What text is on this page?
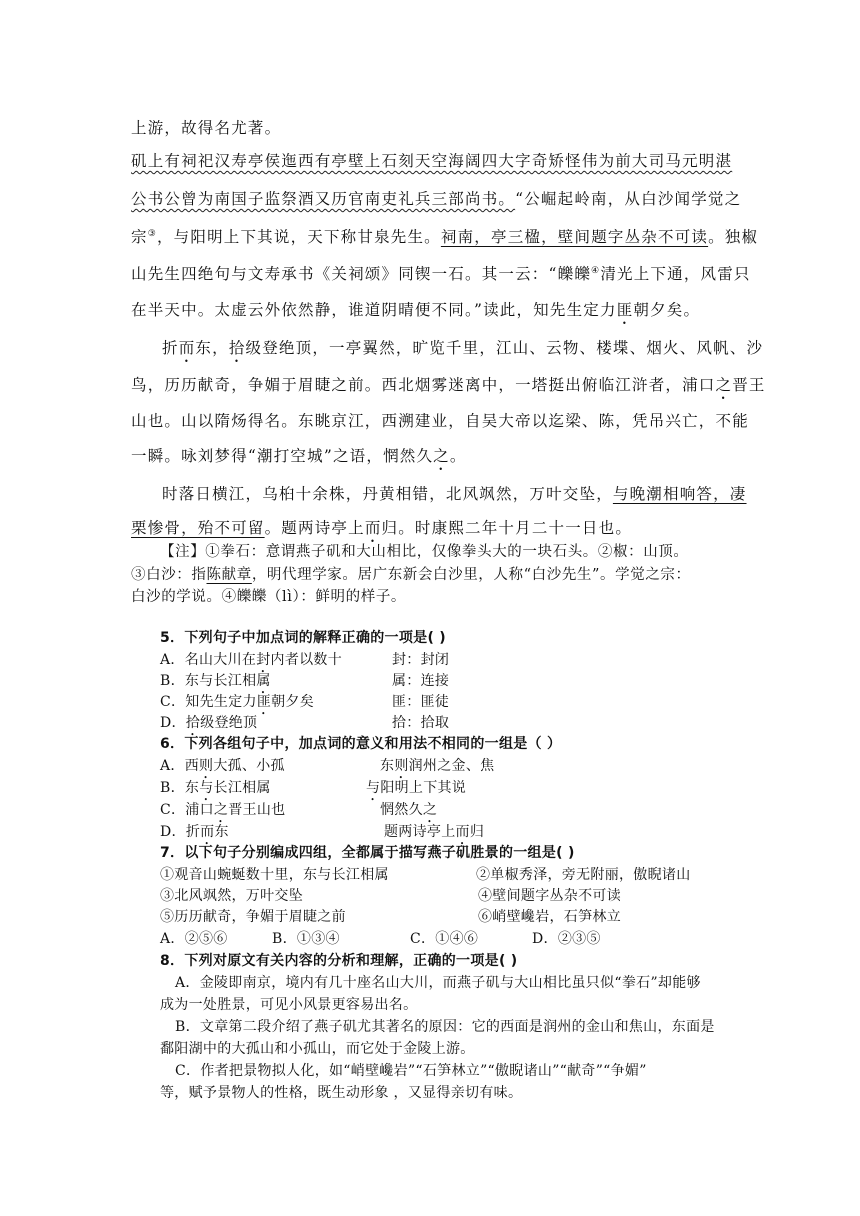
上游，故得名尤著。
矶上有祠祀汉寿亭侯迤西有亭壁上石刻天空海阔四大字奇矫怪伟为前大司马元明湛
公书公曾为南国子监祭酒又历官南吏礼兵三部尚书。“公崛起岭南，从白沙闻学觉之
宗③，与阳明上下其说，天下称甘泉先生。祠南，亭三楹，壁间题字丛杂不可读。独椒
山先生四绝句与文寿承书《关祠颂》同锲一石。其一云：“皪皪④清光上下通，风雷只
在半天中。太虚云外依然静，谁道阴晴便不同。”读此，知先生定力匪朝夕矣。
折而东，拾级登绝顶，一亭翼然，旷览千里，江山、云物、楼堞、烟火、风帆、沙
鸟，历历献奇，争媚于眉睫之前。西北烟雾迷离中，一塔挺出俯临江浒者，浦口之晋王
山也。山以隋炀得名。东眺京江，西溯建业，自吴大帝以迄梁、陈，凭吊兴亡，不能
一瞬。咏刘梦得“潮打空城”之语，惘然久之。
时落日横江，乌桕十余株，丹黄相错，北风飒然，万叶交坠，与晚潮相响答，凄
栗惨骨，殆不可留。题两诗亭上而归。时康熙二年十月二十一日也。
【注】①拳石：意谓燕子矶和大山相比，仅像拳头大的一块石头。②椒：山顶。
③白沙：指陈献章，明代理学家。居广东新会白沙里，人称“白沙先生”。学觉之宗：
白沙的学说。④皪皪（lì）：鲜明的样子。
5．下列句子中加点词的解释正确的一项是( )
A．名山大川在封内者以数十	封：封闭
B．东与长江相属	属：连接
C．知先生定力匪朝夕矣	匪：匪徒
D．拾级登绝顶	拾：拾取
6．下列各组句子中，加点词的意义和用法不相同的一组是（ ）
A．西则大孤、小孤	东则润州之金、焦
B．东与长江相属	与阳明上下其说
C．浦口之晋王山也	惘然久之
D．折而东	题两诗亭上而归
7．以下句子分别编成四组，全都属于描写燕子矶胜景的一组是( )
①观音山蜿蜒数十里，东与长江相属	②单椒秀泽，旁无附丽，傲睨诸山
③北风飒然，万叶交坠	④壁间题字丛杂不可读
⑤历历献奇，争媚于眉睫之前	⑥峭壁巉岩，石笋林立
A．②⑤⑥	B．①③④	C．①④⑥	D．②③⑤
8．下列对原文有关内容的分析和理解，正确的一项是( )
A．金陵即南京，境内有几十座名山大川，而燕子矶与大山相比虽只似“拳石”却能够
成为一处胜景，可见小风景更容易出名。
B．文章第二段介绍了燕子矶尤其著名的原因：它的西面是润州的金山和焦山，东面是
鄱阳湖中的大孤山和小孤山，而它处于金陵上游。
C．作者把景物拟人化，如“峭壁巉岩”“石笋林立”“傲睨诸山”“献奇”“争媚”
等，赋予景物人的性格，既生动形象 ，又显得亲切有味。
